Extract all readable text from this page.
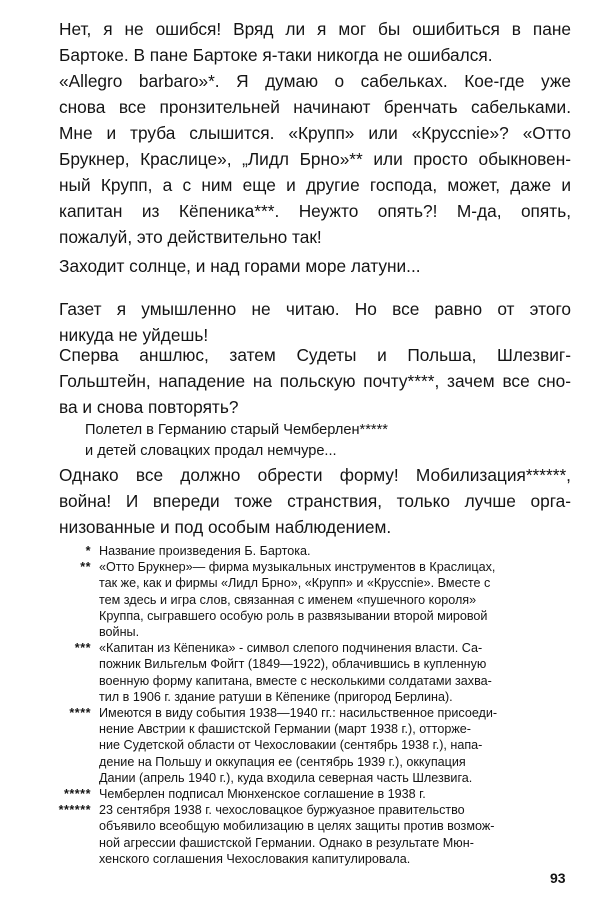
Нет, я не ошибся! Вряд ли я мог бы ошибиться в пане
Бартоке. В пане Бартоке я-таки никогда не ошибался.
«Allegro barbaro»*. Я думаю о сабельках. Кое-где уже
снова все пронзительней начинают бренчать сабельками.
Мне и труба слышится. «Крупп» или «Круссniе»? «Отто
Брукнер, Краслице», „Лидл Брно»** или просто обыкновен-
ный Крупп, а с ним еще и другие господа, может, даже и
капитан из Кёпеника***. Неужто опять?! М-да, опять,
пожалуй, это действительно так!
Заходит солнце, и над горами море латуни...
Газет я умышленно не читаю. Но все равно от этого
никуда не уйдешь!
Сперва аншлюс, затем Судеты и Польша, Шлезвиг-
Гольштейн, нападение на польскую почту****, зачем все сно-
ва и снова повторять?
Полетел в Германию старый Чемберлен*****
и детей словацких продал немчуре...
Однако все должно обрести форму! Мобилизация******,
война! И впереди тоже странствия, только лучше орга-
низованные и под особым наблюдением.
* Название произведения Б. Бартока.
** «Отто Брукнер»— фирма музыкальных инструментов в Краслицах,
так же, как и фирмы «Лидл Брно», «Крупп» и «Круссniе». Вместе с
тем здесь и игра слов, связанная с именем «пушечного короля»
Круппа, сыгравшего особую роль в развязывании второй мировой
войны.
*** «Капитан из Кёпеника» - символ слепого подчинения власти. Са-
пожник Вильгельм Фойгт (1849—1922), облачившись в купленную
военную форму капитана, вместе с несколькими солдатами захва-
тил в 1906 г. здание ратуши в Кёпенике (пригород Берлина).
**** Имеются в виду события 1938—1940 гг.: насильственное присоеди-
нение Австрии к фашистской Германии (март 1938 г.), отторже-
ние Судетской области от Чехословакии (сентябрь 1938 г.), напа-
дение на Польшу и оккупация ее (сентябрь 1939 г.), оккупация
Дании (апрель 1940 г.), куда входила северная часть Шлезвига.
***** Чемберлен подписал Мюнхенское соглашение в 1938 г.
****** 23 сентября 1938 г. чехословацкое буржуазное правительство
объявило всеобщую мобилизацию в целях защиты против возмож-
ной агрессии фашистской Германии. Однако в результате Мюн-
хенского соглашения Чехословакия капитулировала.
93
